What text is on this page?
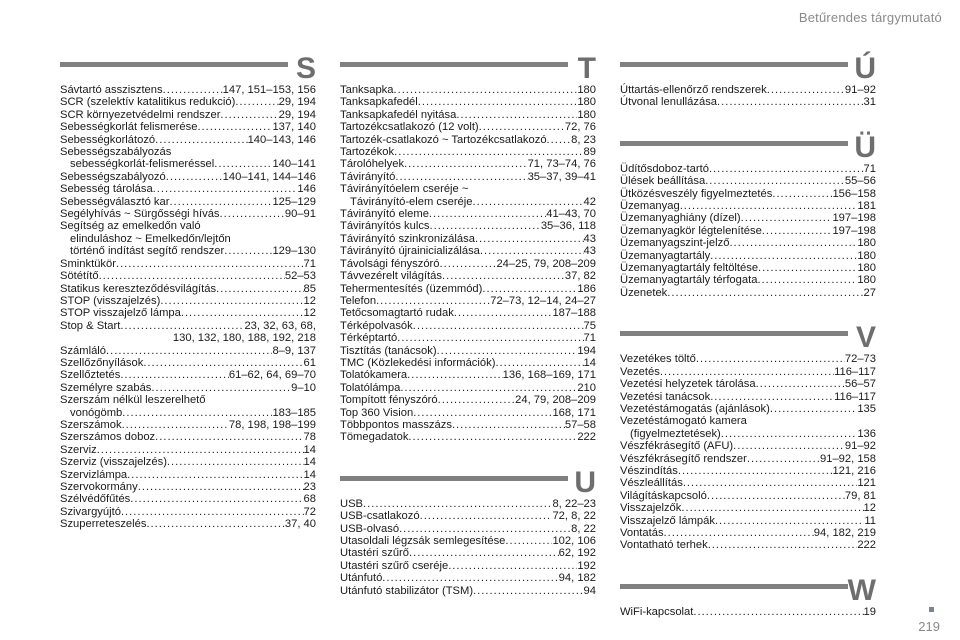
Betűrendes tárgymutató
S
Sávtartó asszisztens .....	147, 151–153, 156
SCR (szelektív katalitikus redukció) .....	29, 194
SCR környezetvédelmi rendszer .....	29, 194
Sebességkorlát felismerése .....	137, 140
Sebességkorlátozó .....	140–143, 146
Sebességszabályozás
sebességkorlát-felismeréssel .....	140–141
Sebességszabályozó .....	140–141, 144–146
Sebesség tárolása .....	146
Sebességválasztó kar .....	125–129
Segélyhívás ~ Sürgősségi hívás .....	90–91
Segítség az emelkedőn való
elinduláshoz ~ Emelkedőn/lejtőn
történő indítást segítő rendszer .....	129–130
Sminktükör .....	71
Sötétítő .....	52–53
Statikus kereszteződésvilágítás .....	85
STOP (visszajelzés) .....	12
STOP visszajelző lámpa .....	12
Stop & Start .....	23, 32, 63, 68,
130, 132, 180, 188, 192, 218
Számláló .....	8–9, 137
Szellőzőnyílások .....	61
Szellőztetés .....	61–62, 64, 69–70
Személyre szabás .....	9–10
Szerszám nélkül leszerelhető
vonógömb .....	183–185
Szerszámok .....	78, 198, 198–199
Szerszámos doboz .....	78
Szerviz .....	14
Szerviz (visszajelzés) .....	14
Szervizlámpa .....	14
Szervokormány .....	23
Szélvédőfűtés .....	68
Szivargyújtó .....	72
Szuperreteszelés .....	37, 40
T
Tanksapka .....	180
Tanksapkafedél .....	180
Tanksapkafedél nyitása .....	180
Tartozékcsatlakozó (12 volt) .....	72, 76
Tartozék-csatlakozó ~ Tartozékcsatlakozó ..... 8, 23
Tartozékok .....	89
Tárolóhelyek .....	71, 73–74, 76
Távirányító .....	35–37, 39–41
Távirányítóelem cseréje ~
Távirányító-elem cseréje .....	42
Távirányító eleme .....	41–43, 70
Távirányítós kulcs .....	35–36, 118
Távirányító szinkronizálása .....	43
Távirányító újrainicializálása .....	43
Távolsági fényszóró .....	24–25, 79, 208–209
Távvezérelt világítás .....	37, 82
Tehermentesítés (üzemmód) .....	186
Telefon .....	72–73, 12–14, 24–27
Tetőcsomagtartó rudak .....	187–188
Térképolvasók .....	75
Térképtartó .....	71
Tisztítás (tanácsok) .....	194
TMC (Közlekedési információk) .....	14
Tolatókamera .....	136, 168–169, 171
Tolatólámpa .....	210
Tompított fényszóró .....	24, 79, 208–209
Top 360 Vision .....	168, 171
Többpontos masszázs .....	57–58
Tömegadatok .....	222
U
USB .....	8, 22–23
USB-csatlakozó .....	72, 8, 22
USB-olvasó .....	8, 22
Utasoldali légzsák semlegesítése .....	102, 106
Utastéri szűrő .....	62, 192
Utastéri szűrő cseréje .....	192
Utánfutó .....	94, 182
Utánfutó stabilizátor (TSM) .....	94
Ú
Úttartás-ellenőrző rendszerek .....	91–92
Útvonal lenullázása .....	31
Ü
Üdítősdoboz-tartó .....	71
Ülések beállítása .....	55–56
Ütközésveszély figyelmeztetés .....	156–158
Üzemanyag .....	181
Üzemanyaghiány (dízel) .....	197–198
Üzemanyagkör légtelenítése .....	197–198
Üzemanyagszint-jelző .....	180
Üzemanyagtartály .....	180
Üzemanyagtartály feltöltése .....	180
Üzemanyagtartály térfogata .....	180
Üzenetek .....	27
V
Vezetékes töltő .....	72–73
Vezetés .....	116–117
Vezetési helyzetek tárolása .....	56–57
Vezetési tanácsok .....	116–117
Vezetéstámogatás (ajánlások) .....	135
Vezetéstámogató kamera
(figyelmeztetések) .....	136
Vészfékrásegítő (AFU) .....	91–92
Vészfékrásegítő rendszer .....	91–92, 158
Vészindítás .....	121, 216
Vészleállítás .....	121
Világításkapcsoló .....	79, 81
Visszajelzők .....	12
Visszajelző lámpák .....	11
Vontatás .....	94, 182, 219
Vontatható terhek .....	222
W
WiFi-kapcsolat .....	19
219
